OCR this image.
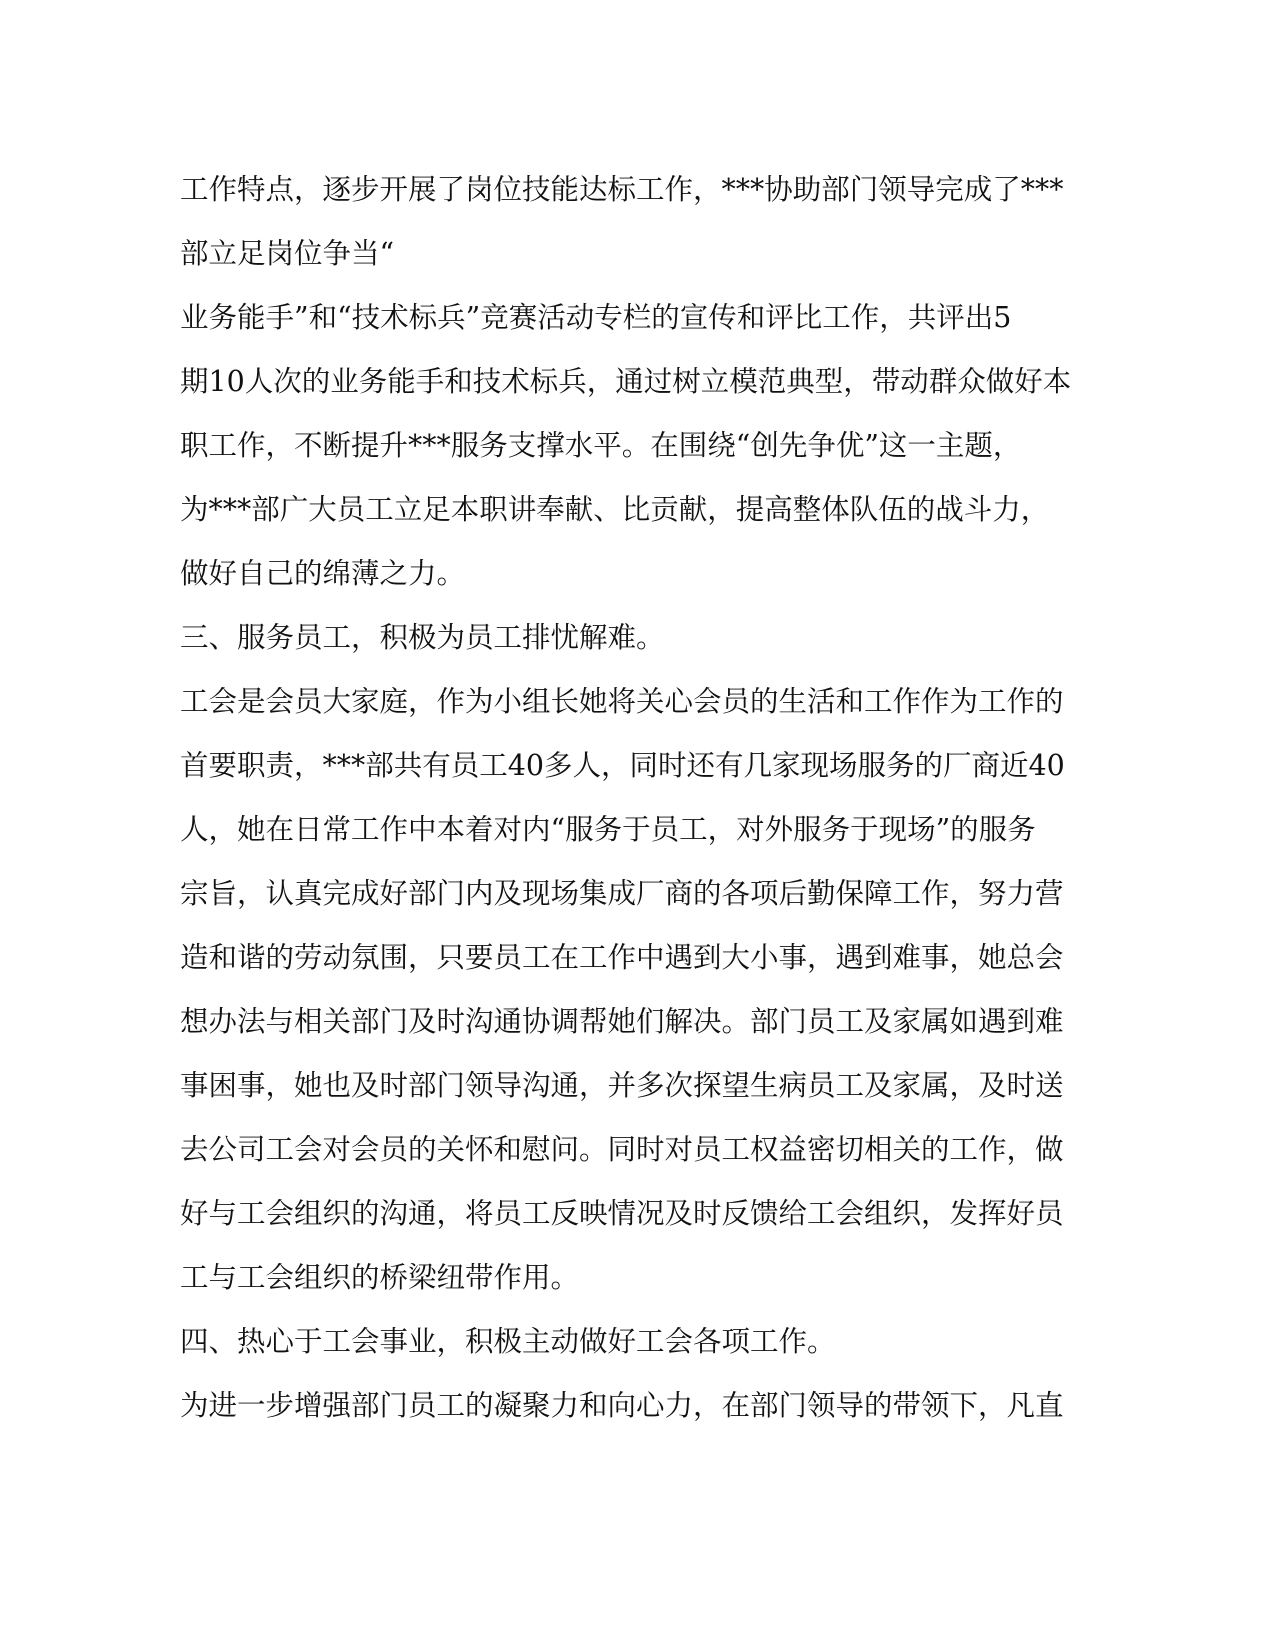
工作特点，逐步开展了岗位技能达标工作，***协助部门领导完成了***
部立足岗位争当“
业务能手”和“技术标兵”竞赛活动专栏的宣传和评比工作，共评出5
期10人次的业务能手和技术标兵，通过树立模范典型，带动群众做好本
职工作，不断提升***服务支撑水平。在围绕“创先争优”这一主题，
为***部广大员工立足本职讲奉献、比贡献，提高整体队伍的战斗力，
做好自己的绵薄之力。
三、服务员工，积极为员工排忧解难。
工会是会员大家庭，作为小组长她将关心会员的生活和工作作为工作的
首要职责，***部共有员工40多人，同时还有几家现场服务的厂商近40
人，她在日常工作中本着对内“服务于员工，对外服务于现场”的服务
宗旨，认真完成好部门内及现场集成厂商的各项后勤保障工作，努力营
造和谐的劳动氛围，只要员工在工作中遇到大小事，遇到难事，她总会
想办法与相关部门及时沟通协调帮她们解决。部门员工及家属如遇到难
事困事，她也及时部门领导沟通，并多次探望生病员工及家属，及时送
去公司工会对会员的关怀和慰问。同时对员工权益密切相关的工作，做
好与工会组织的沟通，将员工反映情况及时反馈给工会组织，发挥好员
工与工会组织的桥梁纽带作用。
四、热心于工会事业，积极主动做好工会各项工作。
为进一步增强部门员工的凝聚力和向心力，在部门领导的带领下，凡直
